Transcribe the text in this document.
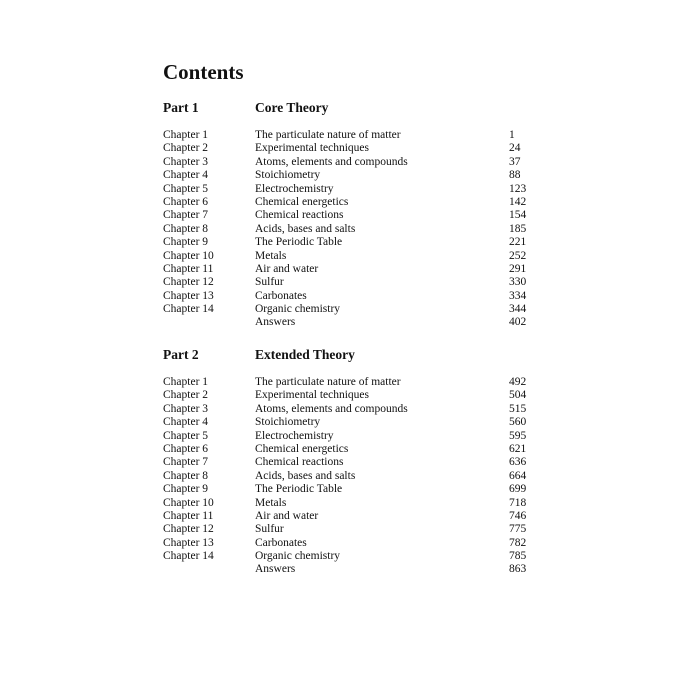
Contents
Part 1	Core Theory
Chapter 1	The particulate nature of matter	1
Chapter 2	Experimental techniques	24
Chapter 3	Atoms, elements and compounds	37
Chapter 4	Stoichiometry	88
Chapter 5	Electrochemistry	123
Chapter 6	Chemical energetics	142
Chapter 7	Chemical reactions	154
Chapter 8	Acids, bases and salts	185
Chapter 9	The Periodic Table	221
Chapter 10	Metals	252
Chapter 11	Air and water	291
Chapter 12	Sulfur	330
Chapter 13	Carbonates	334
Chapter 14	Organic chemistry	344
Answers	402
Part 2	Extended Theory
Chapter 1	The particulate nature of matter	492
Chapter 2	Experimental techniques	504
Chapter 3	Atoms, elements and compounds	515
Chapter 4	Stoichiometry	560
Chapter 5	Electrochemistry	595
Chapter 6	Chemical energetics	621
Chapter 7	Chemical reactions	636
Chapter 8	Acids, bases and salts	664
Chapter 9	The Periodic Table	699
Chapter 10	Metals	718
Chapter 11	Air and water	746
Chapter 12	Sulfur	775
Chapter 13	Carbonates	782
Chapter 14	Organic chemistry	785
Answers	863
